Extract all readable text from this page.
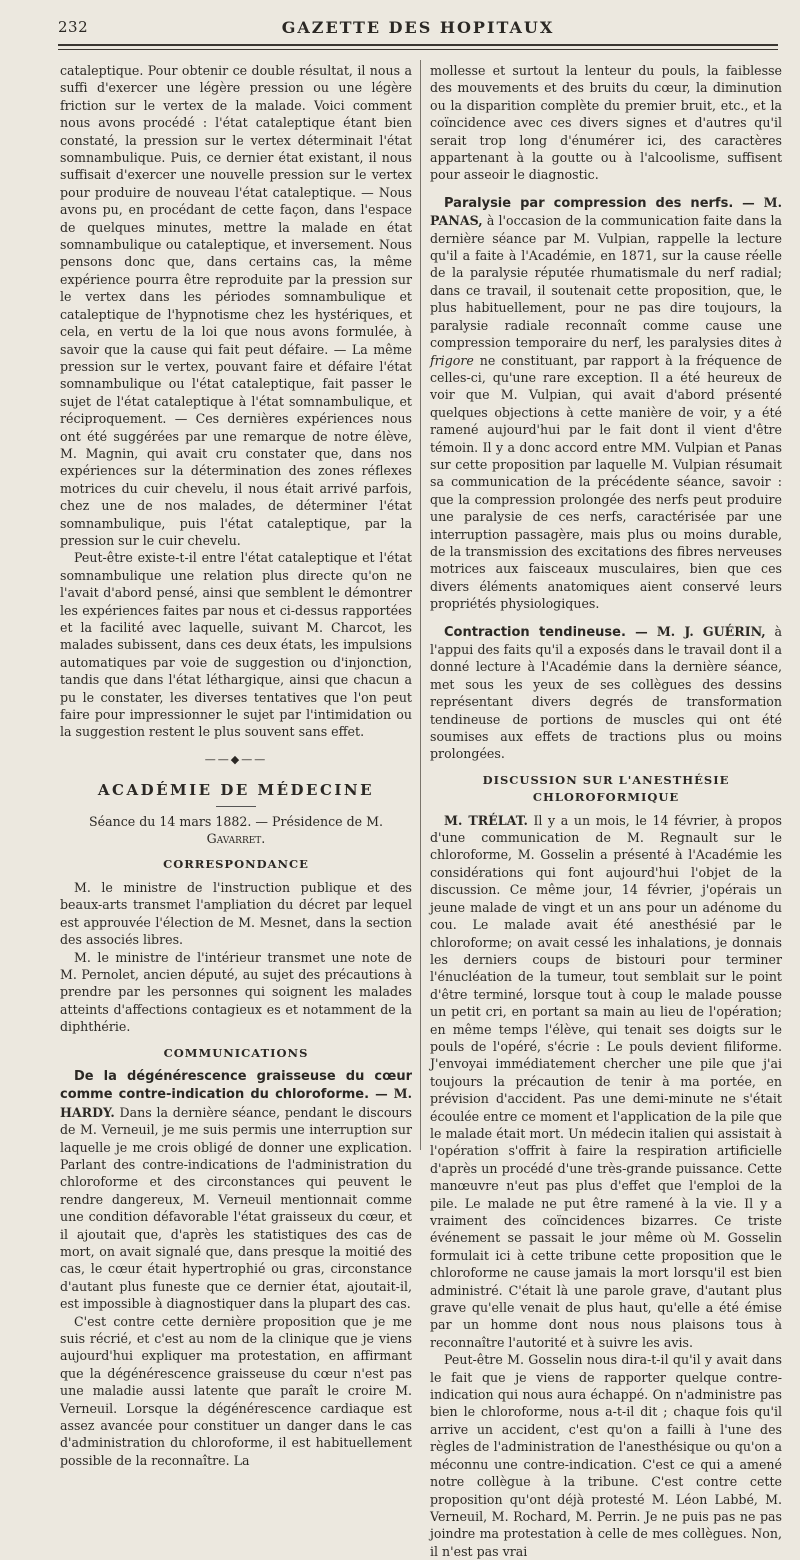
232	GAZETTE DES HOPITAUX

cataleptique. Pour obtenir ce double résultat, il nous a suffi d'exercer une légère pression ou une légère friction sur le vertex de la malade. Voici comment nous avons procédé : l'état cataleptique étant bien constaté, la pression sur le vertex déterminait l'état somnambulique. Puis, ce dernier état existant, il nous suffisait d'exercer une nouvelle pression sur le vertex pour produire de nouveau l'état cataleptique. — Nous avons pu, en procédant de cette façon, dans l'espace de quelques minutes, mettre la malade en état somnambulique ou cataleptique, et inversement. Nous pensons donc que, dans certains cas, la même expérience pourra être reproduite par la pression sur le vertex dans les périodes somnambulique et cataleptique de l'hypnotisme chez les hystériques, et cela, en vertu de la loi que nous avons formulée, à savoir que la cause qui fait peut défaire. — La même pression sur le vertex, pouvant faire et défaire l'état somnambulique ou l'état cataleptique, fait passer le sujet de l'état cataleptique à l'état somnambulique, et réciproquement. — Ces dernières expériences nous ont été suggérées par une remarque de notre élève, M. Magnin, qui avait cru constater que, dans nos expériences sur la détermination des zones réflexes motrices du cuir chevelu, il nous était arrivé parfois, chez une de nos malades, de déterminer l'état somnambulique, puis l'état cataleptique, par la pression sur le cuir chevelu.

Peut-être existe-t-il entre l'état cataleptique et l'état somnambulique une relation plus directe qu'on ne l'avait d'abord pensé, ainsi que semblent le démontrer les expériences faites par nous et ci-dessus rapportées et la facilité avec laquelle, suivant M. Charcot, les malades subissent, dans ces deux états, les impulsions automatiques par voie de suggestion ou d'injonction, tandis que dans l'état léthargique, ainsi que chacun a pu le constater, les diverses tentatives que l'on peut faire pour impressionner le sujet par l'intimidation ou la suggestion restent le plus souvent sans effet.

——◆——
ACADÉMIE DE MÉDECINE
Séance du 14 mars 1882. — Présidence de M. Gavarret.
CORRESPONDANCE

M. le ministre de l'instruction publique et des beaux-arts transmet l'ampliation du décret par lequel est approuvée l'élection de M. Mesnet, dans la section des associés libres.

M. le ministre de l'intérieur transmet une note de M. Pernolet, ancien député, au sujet des précautions à prendre par les personnes qui soignent les malades atteints d'affections contagieux es et notamment de la diphthérie.

COMMUNICATIONS

De la dégénérescence graisseuse du cœur comme contre-indication du chloroforme. — M. HARDY. Dans la dernière séance, pendant le discours de M. Verneuil, je me suis permis une interruption sur laquelle je me crois obligé de donner une explication. Parlant des contre-indications de l'administration du chloroforme et des circonstances qui peuvent le rendre dangereux, M. Verneuil mentionnait comme une condition défavorable l'état graisseux du cœur, et il ajoutait que, d'après les statistiques des cas de mort, on avait signalé que, dans presque la moitié des cas, le cœur était hypertrophié ou gras, circonstance d'autant plus funeste que ce dernier état, ajoutait-il, est impossible à diagnostiquer dans la plupart des cas.

C'est contre cette dernière proposition que je me suis récrié, et c'est au nom de la clinique que je viens aujourd'hui expliquer ma protestation, en affirmant que la dégénérescence graisseuse du cœur n'est pas une maladie aussi latente que paraît le croire M. Verneuil. Lorsque la dégénérescence cardiaque est assez avancée pour constituer un danger dans le cas d'administration du chloroforme, il est habituellement possible de la reconnaître. La

mollesse et surtout la lenteur du pouls, la faiblesse des mouvements et des bruits du cœur, la diminution ou la disparition complète du premier bruit, etc., et la coïncidence avec ces divers signes et d'autres qu'il serait trop long d'énumérer ici, des caractères appartenant à la goutte ou à l'alcoolisme, suffisent pour asseoir le diagnostic.

Paralysie par compression des nerfs. — M. PANAS, à l'occasion de la communication faite dans la dernière séance par M. Vulpian, rappelle la lecture qu'il a faite à l'Académie, en 1871, sur la cause réelle de la paralysie réputée rhumatismale du nerf radial; dans ce travail, il soutenait cette proposition, que, le plus habituellement, pour ne pas dire toujours, la paralysie radiale reconnaît comme cause une compression temporaire du nerf, les paralysies dites à frigore ne constituant, par rapport à la fréquence de celles-ci, qu'une rare exception. Il a été heureux de voir que M. Vulpian, qui avait d'abord présenté quelques objections à cette manière de voir, y a été ramené aujourd'hui par le fait dont il vient d'être témoin. Il y a donc accord entre MM. Vulpian et Panas sur cette proposition par laquelle M. Vulpian résumait sa communication de la précédente séance, savoir : que la compression prolongée des nerfs peut produire une paralysie de ces nerfs, caractérisée par une interruption passagère, mais plus ou moins durable, de la transmission des excitations des fibres nerveuses motrices aux faisceaux musculaires, bien que ces divers éléments anatomiques aient conservé leurs propriétés physiologiques.

Contraction tendineuse. — M. J. GUÉRIN, à l'appui des faits qu'il a exposés dans le travail dont il a donné lecture à l'Académie dans la dernière séance, met sous les yeux de ses collègues des dessins représentant divers degrés de transformation tendineuse de portions de muscles qui ont été soumises aux effets de tractions plus ou moins prolongées.

DISCUSSION SUR L'ANESTHÉSIE CHLOROFORMIQUE

M. TRÉLAT. Il y a un mois, le 14 février, à propos d'une communication de M. Regnault sur le chloroforme, M. Gosselin a présenté à l'Académie les considérations qui font aujourd'hui l'objet de la discussion. Ce même jour, 14 février, j'opérais un jeune malade de vingt et un ans pour un adénome du cou. Le malade avait été anesthésié par le chloroforme; on avait cessé les inhalations, je donnais les derniers coups de bistouri pour terminer l'énucléation de la tumeur, tout semblait sur le point d'être terminé, lorsque tout à coup le malade pousse un petit cri, en portant sa main au lieu de l'opération; en même temps l'élève, qui tenait ses doigts sur le pouls de l'opéré, s'écrie : Le pouls devient filiforme. J'envoyai immédiatement chercher une pile que j'ai toujours la précaution de tenir à ma portée, en prévision d'accident. Pas une demi-minute ne s'était écoulée entre ce moment et l'application de la pile que le malade était mort. Un médecin italien qui assistait à l'opération s'offrit à faire la respiration artificielle d'après un procédé d'une très-grande puissance. Cette manœuvre n'eut pas plus d'effet que l'emploi de la pile. Le malade ne put être ramené à la vie. Il y a vraiment des coïncidences bizarres. Ce triste événement se passait le jour même où M. Gosselin formulait ici à cette tribune cette proposition que le chloroforme ne cause jamais la mort lorsqu'il est bien administré. C'était là une parole grave, d'autant plus grave qu'elle venait de plus haut, qu'elle a été émise par un homme dont nous nous plaisons tous à reconnaître l'autorité et à suivre les avis.

Peut-être M. Gosselin nous dira-t-il qu'il y avait dans le fait que je viens de rapporter quelque contre-indication qui nous aura échappé. On n'administre pas bien le chloroforme, nous a-t-il dit ; chaque fois qu'il arrive un accident, c'est qu'on a failli à l'une des règles de l'administration de l'anesthésique ou qu'on a méconnu une contre-indication. C'est ce qui a amené notre collègue à la tribune. C'est contre cette proposition qu'ont déjà protesté M. Léon Labbé, M. Verneuil, M. Rochard, M. Perrin. Je ne puis pas ne pas joindre ma protestation à celle de mes collègues. Non, il n'est pas vrai
